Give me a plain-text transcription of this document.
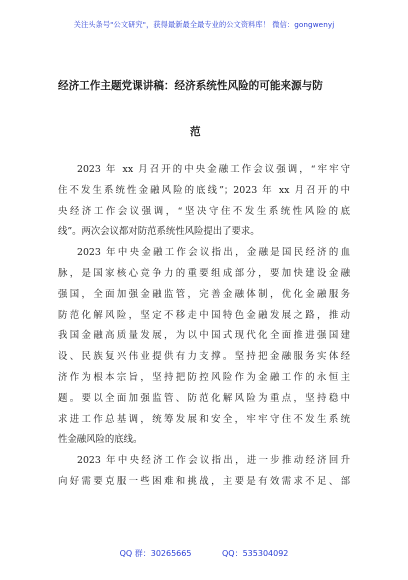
关注头条号"公文研究"，获得最新最全最专业的公文资料库！ 微信：gongwenyj
经济工作主题党课讲稿：经济系统性风险的可能来源与防
范
2023 年 xx 月召开的中央金融工作会议强调，“牢牢守
住不发生系统性金融风险的底线”；2023 年 xx 月召开的中
央经济工作会议强调，“坚决守住不发生系统性风险的底
线”。两次会议都对防范系统性风险提出了要求。
2023 年中央金融工作会议指出，金融是国民经济的血
脉，是国家核心竞争力的重要组成部分，要加快建设金融
强国，全面加强金融监管，完善金融体制，优化金融服务
防范化解风险，坚定不移走中国特色金融发展之路，推动
我国金融高质量发展，为以中国式现代化全面推进强国建
设、民族复兴伟业提供有力支撑。坚持把金融服务实体经
济作为根本宗旨，坚持把防控风险作为金融工作的永恒主
题。要以全面加强监管、防范化解风险为重点，坚持稳中
求进工作总基调，统筹发展和安全，牢牢守住不发生系统
性金融风险的底线。
2023 年中央经济工作会议指出，进一步推动经济回升
向好需要克服一些困难和挑战，主要是有效需求不足、部
QQ 群：30265665	QQ：535304092
